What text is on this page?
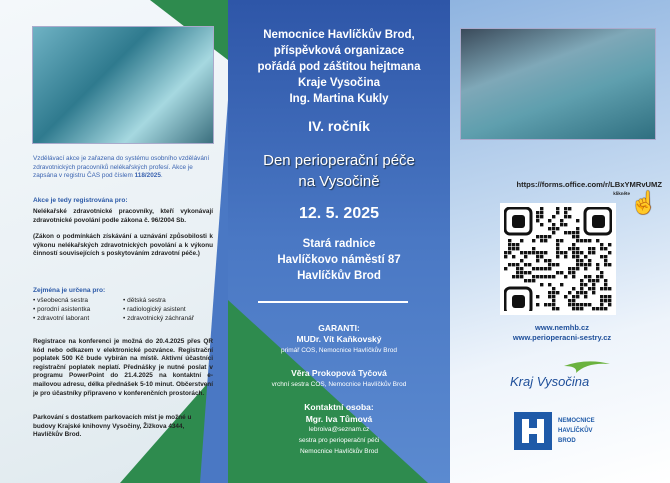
Vzdělávací akce je zařazena do systému osobního vzdělávání zdravotnických pracovníků nelékařských profesí. Akce je zapsána v registru ČAS pod číslem 118/2025.
Akce je tedy registrována pro:
Nelékařské zdravotnické pracovníky, kteří vykonávají zdravotnické povolání podle zákona č. 96/2004 Sb.
(Zákon o podmínkách získávání a uznávání způsobilosti k výkonu nelékařských zdravotnických povolání a k výkonu činností souvisejících s poskytováním zdravotní péče.)
Zejména je určena pro:
• všeobecná sestra	• dětská sestra
• porodní asistentka	• radiologický asistent
• zdravotní laborant	• zdravotnický záchranář
Registrace na konferenci je možná do 20.4.2025 přes QR kód nebo odkazem v elektronické pozvánce. Registrační poplatek 500 Kč bude vybírán na místě. Aktivní účastníci registrační poplatek neplatí. Přednášky je nutné poslat v programu PowerPoint do 21.4.2025 na kontaktní e-mailovou adresu, délka přednášek 5-10 minut. Občerstvení je pro účastníky připraveno v konferenčních prostorách.
Parkování s dostatkem parkovacích míst je možné u budovy Krajské knihovny Vysočiny, Žižkova 4344, Havlíčkův Brod.
Nemocnice Havlíčkův Brod,
příspěvková organizace
pořádá pod záštitou hejtmana
Kraje Vysočina
Ing. Martina Kukly
IV. ročník
Den perioperační péče
na Vysočině
12. 5. 2025
Stará radnice
Havlíčkovo náměstí 87
Havlíčkův Brod
GARANTI:
MUDr. Vít Kaňkovský
primář COS, Nemocnice Havlíčkův Brod
Věra Prokopová Tyčová
vrchní sestra COS, Nemocnice Havlíčkův Brod
Kontaktní osoba:
Mgr. Iva Tůmová
lebroiva@seznam.cz
sestra pro perioperační péči
Nemocnice Havlíčkův Brod
https://forms.office.com/r/LBxYMRvUMZ
klikněte ☝
www.nemhb.cz
www.perioperacni-sestry.cz
Kraj Vysočina
NEMOCNICE
HAVLÍČKŮV
BROD
